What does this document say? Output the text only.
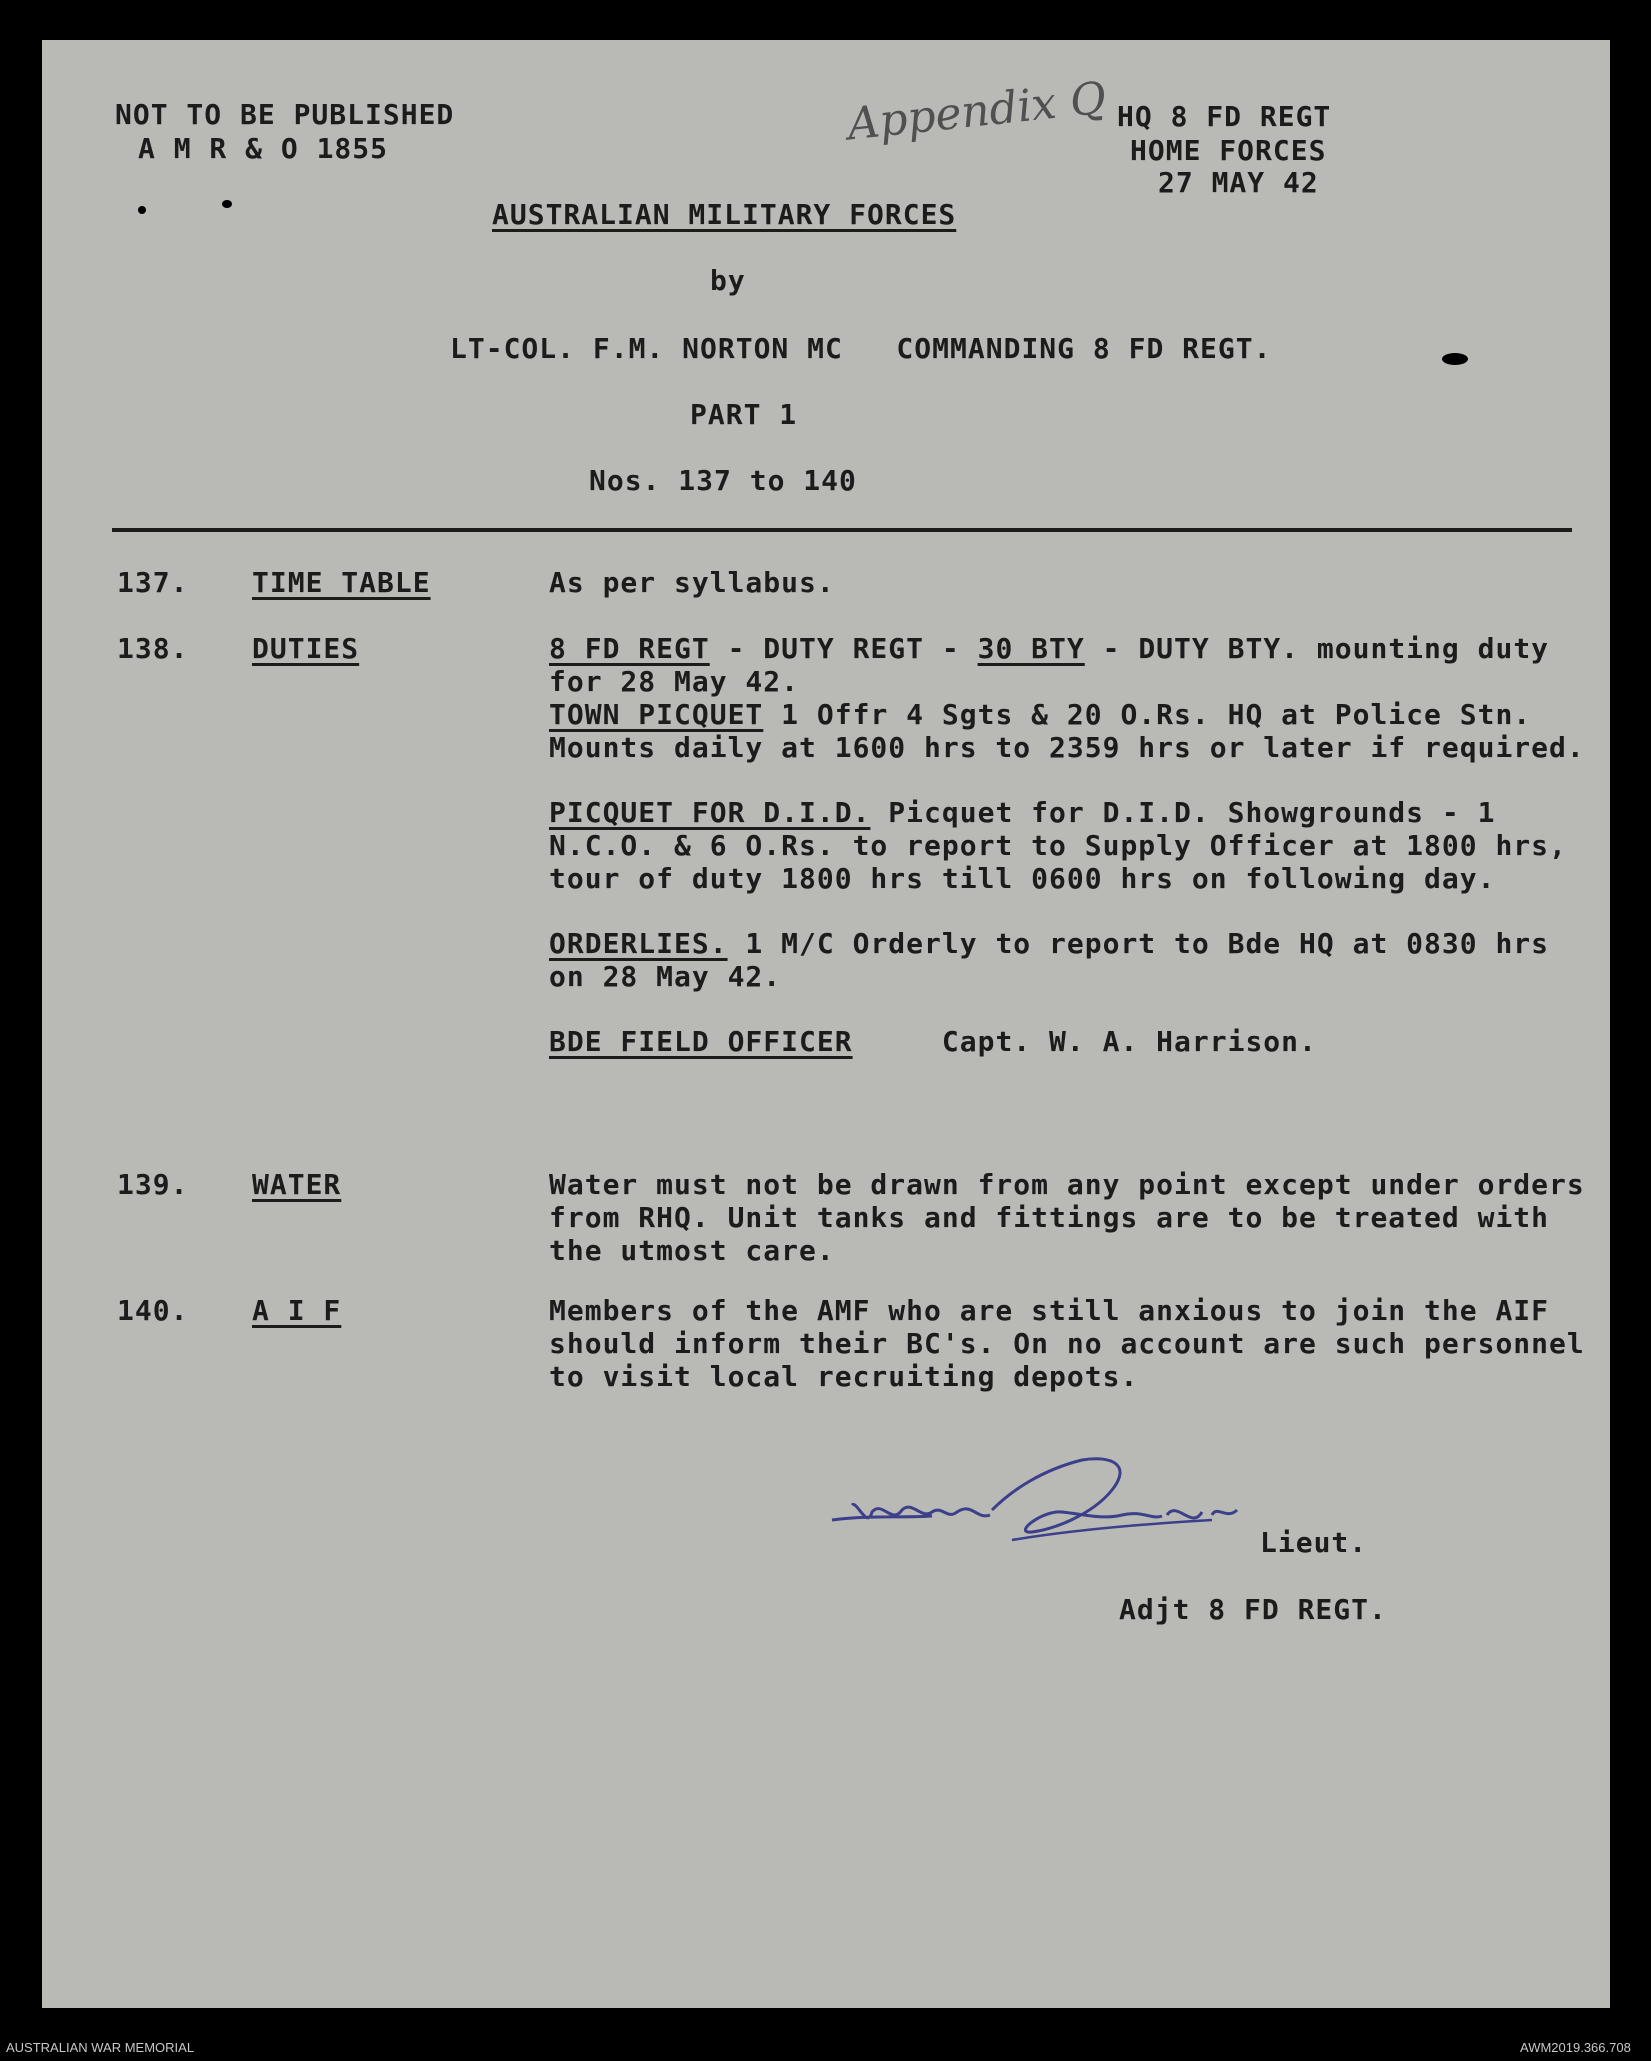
NOT TO BE PUBLISHED
A M R & O 1855	Appendix Q HQ 8 FD REGT
HOME FORCES
27 MAY 42
AUSTRALIAN MILITARY FORCES
by
LT-COL. F.M. NORTON MC   COMMANDING 8 FD REGT.
PART 1
Nos. 137 to 140
137. TIME TABLE	As per syllabus.

138. DUTIES	8 FD REGT - DUTY REGT - 30 BTY - DUTY BTY. mounting duty for 28 May 42.

TOWN PICQUET 1 Offr 4 Sgts & 20 O.Rs. HQ at Police Stn. Mounts daily at 1600 hrs to 2359 hrs or later if required.

PICQUET FOR D.I.D. Picquet for D.I.D. Showgrounds - 1 N.C.O. & 6 O.Rs. to report to Supply Officer at 1800 hrs, tour of duty 1800 hrs till 0600 hrs on following day.

ORDERLIES. 1 M/C Orderly to report to Bde HQ at 0830 hrs on 28 May 42.

BDE FIELD OFFICER     Capt. W. A. Harrison.

139. WATER	Water must not be drawn from any point except under orders from RHQ. Unit tanks and fittings are to be treated with the utmost care.

140. A I F	Members of the AMF who are still anxious to join the AIF should inform their BC's. On no account are such personnel to visit local recruiting depots.

Lieut.
Adjt 8 FD REGT.
AUSTRALIAN WAR MEMORIAL	AWM2019.366.708
